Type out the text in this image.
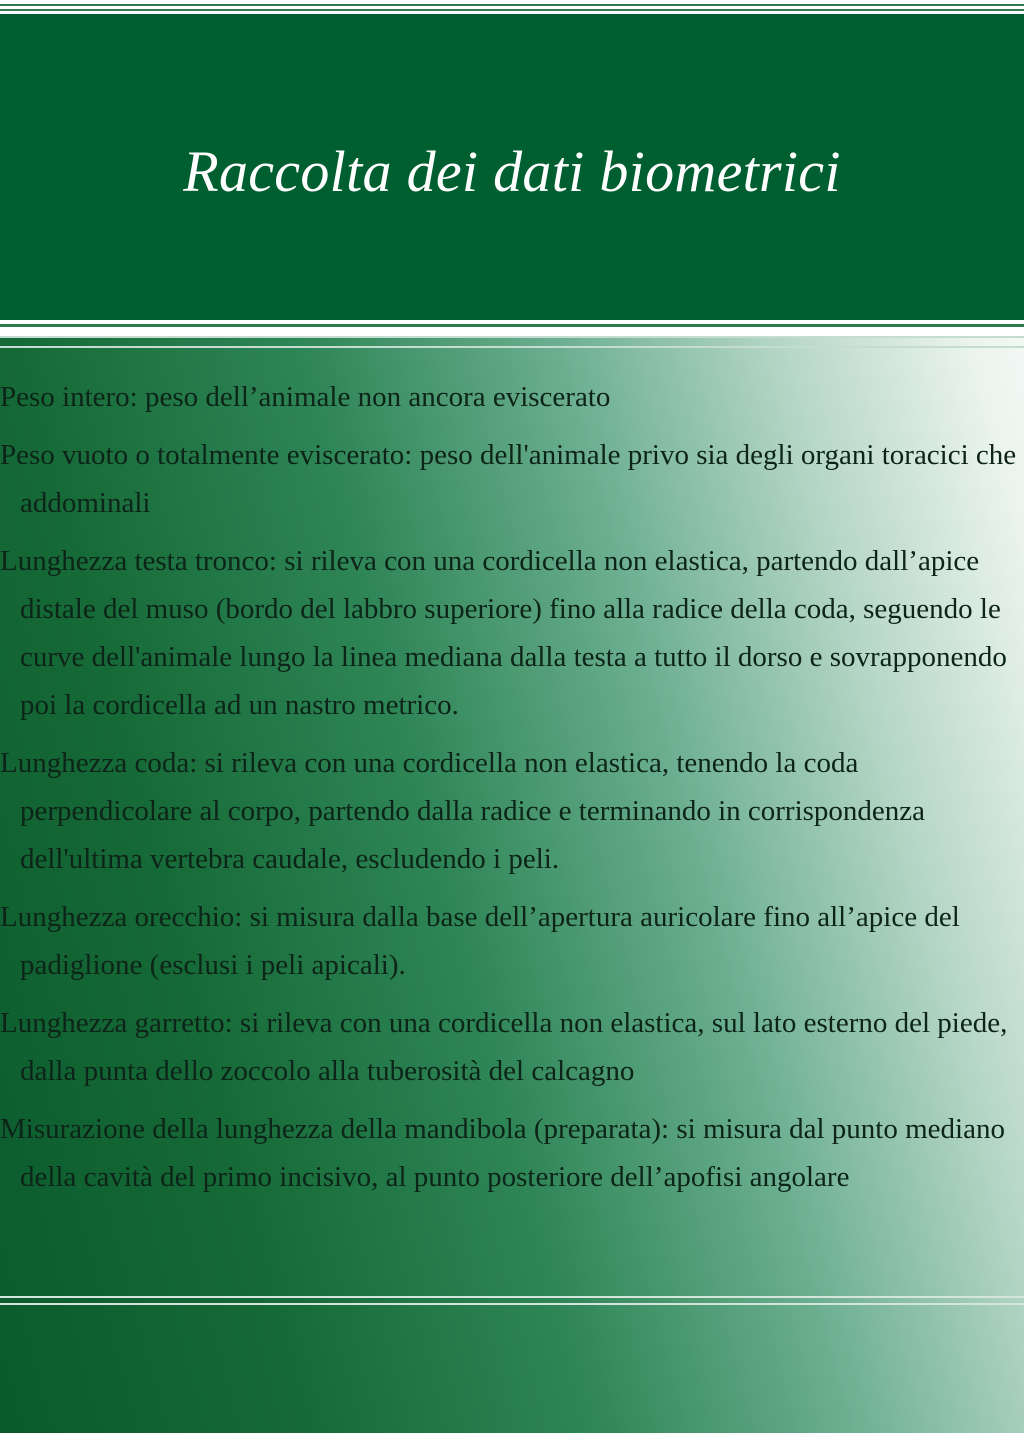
Raccolta dei dati biometrici
Peso intero: peso dell’animale non ancora eviscerato
Peso vuoto o totalmente eviscerato: peso dell'animale privo sia degli organi toracici che addominali
Lunghezza testa tronco: si rileva con una cordicella non elastica, partendo dall’apice distale del muso (bordo del labbro superiore) fino alla radice della coda, seguendo le curve dell'animale lungo la linea mediana dalla testa a tutto il dorso e sovrapponendo poi la cordicella ad un nastro metrico.
Lunghezza coda: si rileva con una cordicella non elastica, tenendo la coda perpendicolare al corpo, partendo dalla radice e terminando in corrispondenza dell'ultima vertebra caudale, escludendo i peli.
Lunghezza orecchio: si misura dalla base dell’apertura auricolare fino all’apice del padiglione (esclusi i peli apicali).
Lunghezza garretto: si rileva con una cordicella non elastica, sul lato esterno del piede, dalla punta dello zoccolo alla tuberosità del calcagno
Misurazione della lunghezza della mandibola (preparata): si misura dal punto mediano della cavità del primo incisivo, al punto posteriore dell’apofisi angolare
